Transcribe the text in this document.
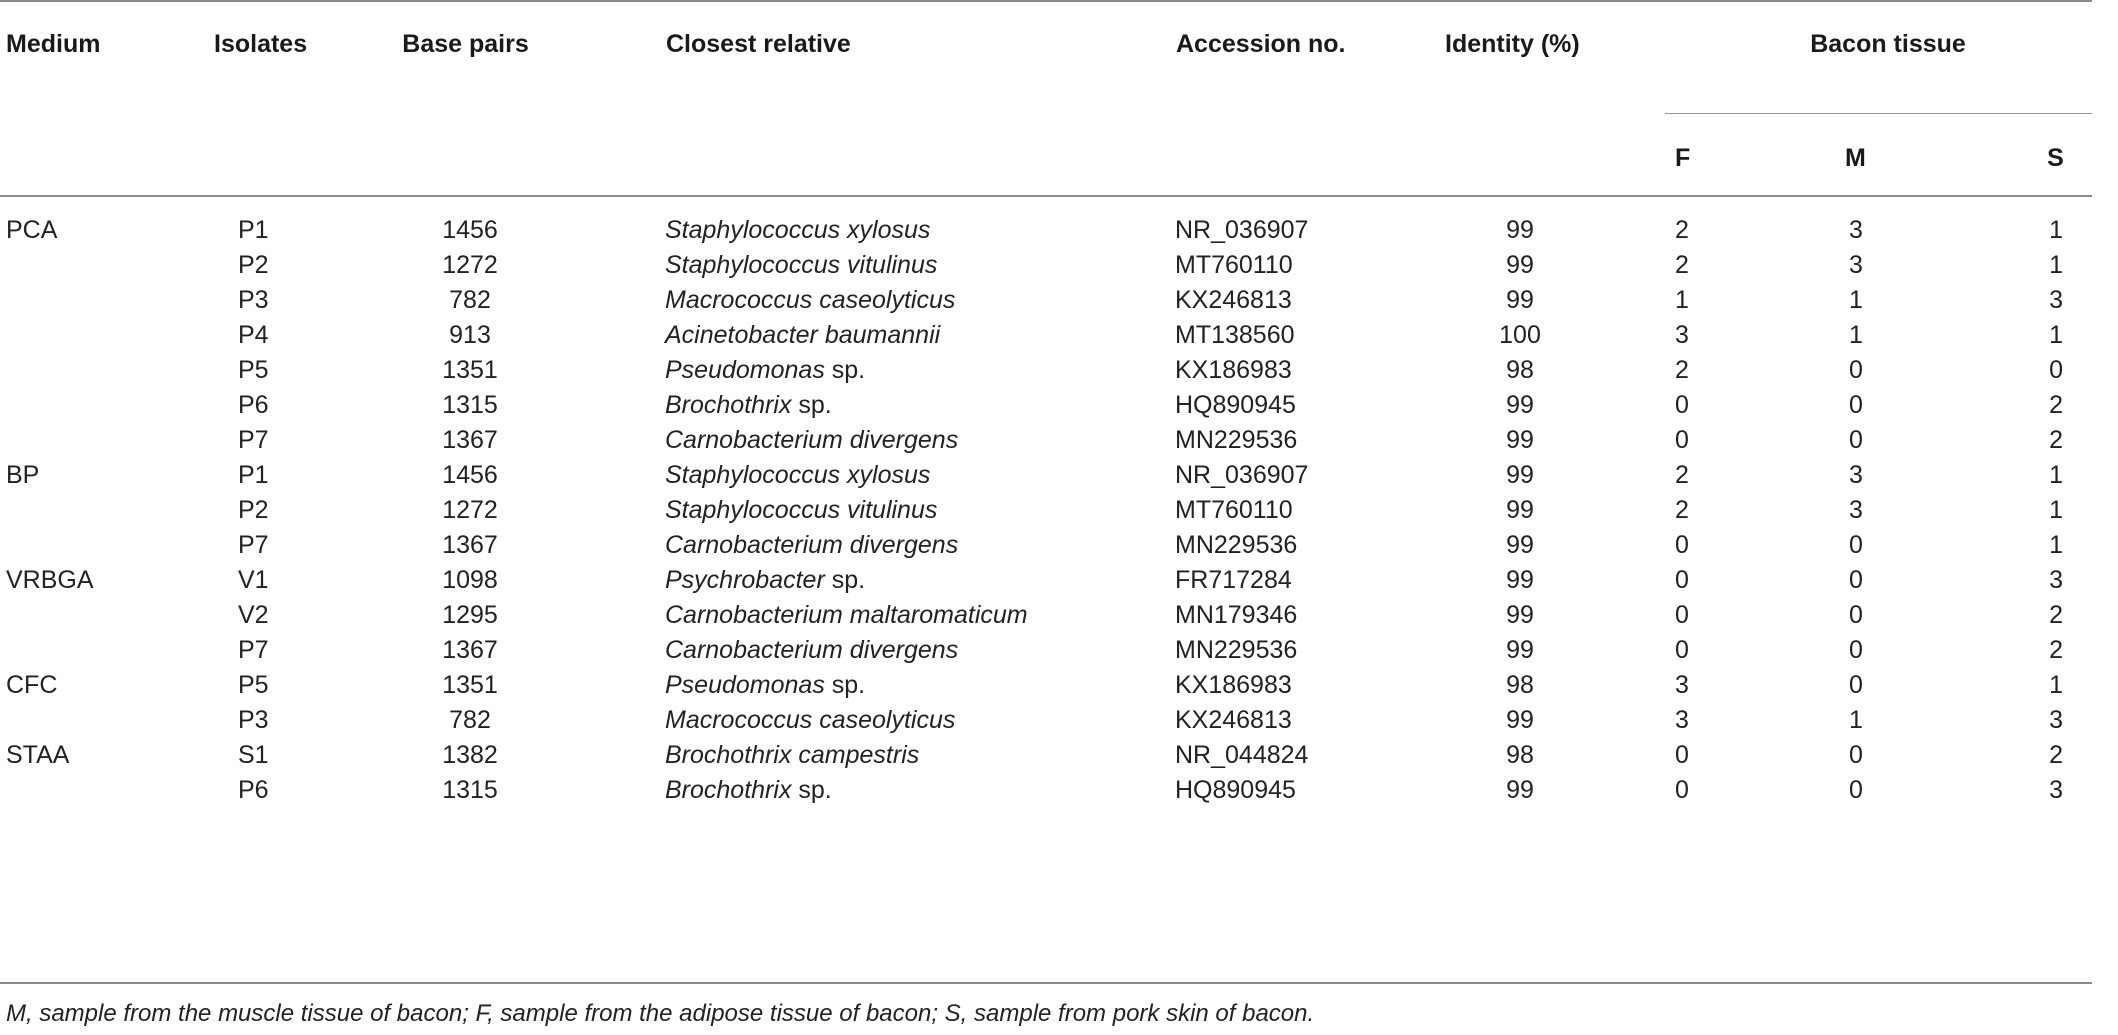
Medium	Isolates	Base pairs	Closest relative	Accession no.	Identity (%)	Bacon tissue		
						F	M	S

PCA	P1	1456	Staphylococcus xylosus	NR_036907	99	2	3	1
	P2	1272	Staphylococcus vitulinus	MT760110	99	2	3	1
	P3	782	Macrococcus caseolyticus	KX246813	99	1	1	3
	P4	913	Acinetobacter baumannii	MT138560	100	3	1	1
	P5	1351	Pseudomonas sp.	KX186983	98	2	0	0
	P6	1315	Brochothrix sp.	HQ890945	99	0	0	2
	P7	1367	Carnobacterium divergens	MN229536	99	0	0	2
BP	P1	1456	Staphylococcus xylosus	NR_036907	99	2	3	1
	P2	1272	Staphylococcus vitulinus	MT760110	99	2	3	1
	P7	1367	Carnobacterium divergens	MN229536	99	0	0	1
VRBGA	V1	1098	Psychrobacter sp.	FR717284	99	0	0	3
	V2	1295	Carnobacterium maltaromaticum	MN179346	99	0	0	2
	P7	1367	Carnobacterium divergens	MN229536	99	0	0	2
CFC	P5	1351	Pseudomonas sp.	KX186983	98	3	0	1
	P3	782	Macrococcus caseolyticus	KX246813	99	3	1	3
STAA	S1	1382	Brochothrix campestris	NR_044824	98	0	0	2
	P6	1315	Brochothrix sp.	HQ890945	99	0	0	3
M, sample from the muscle tissue of bacon; F, sample from the adipose tissue of bacon; S, sample from pork skin of bacon.
